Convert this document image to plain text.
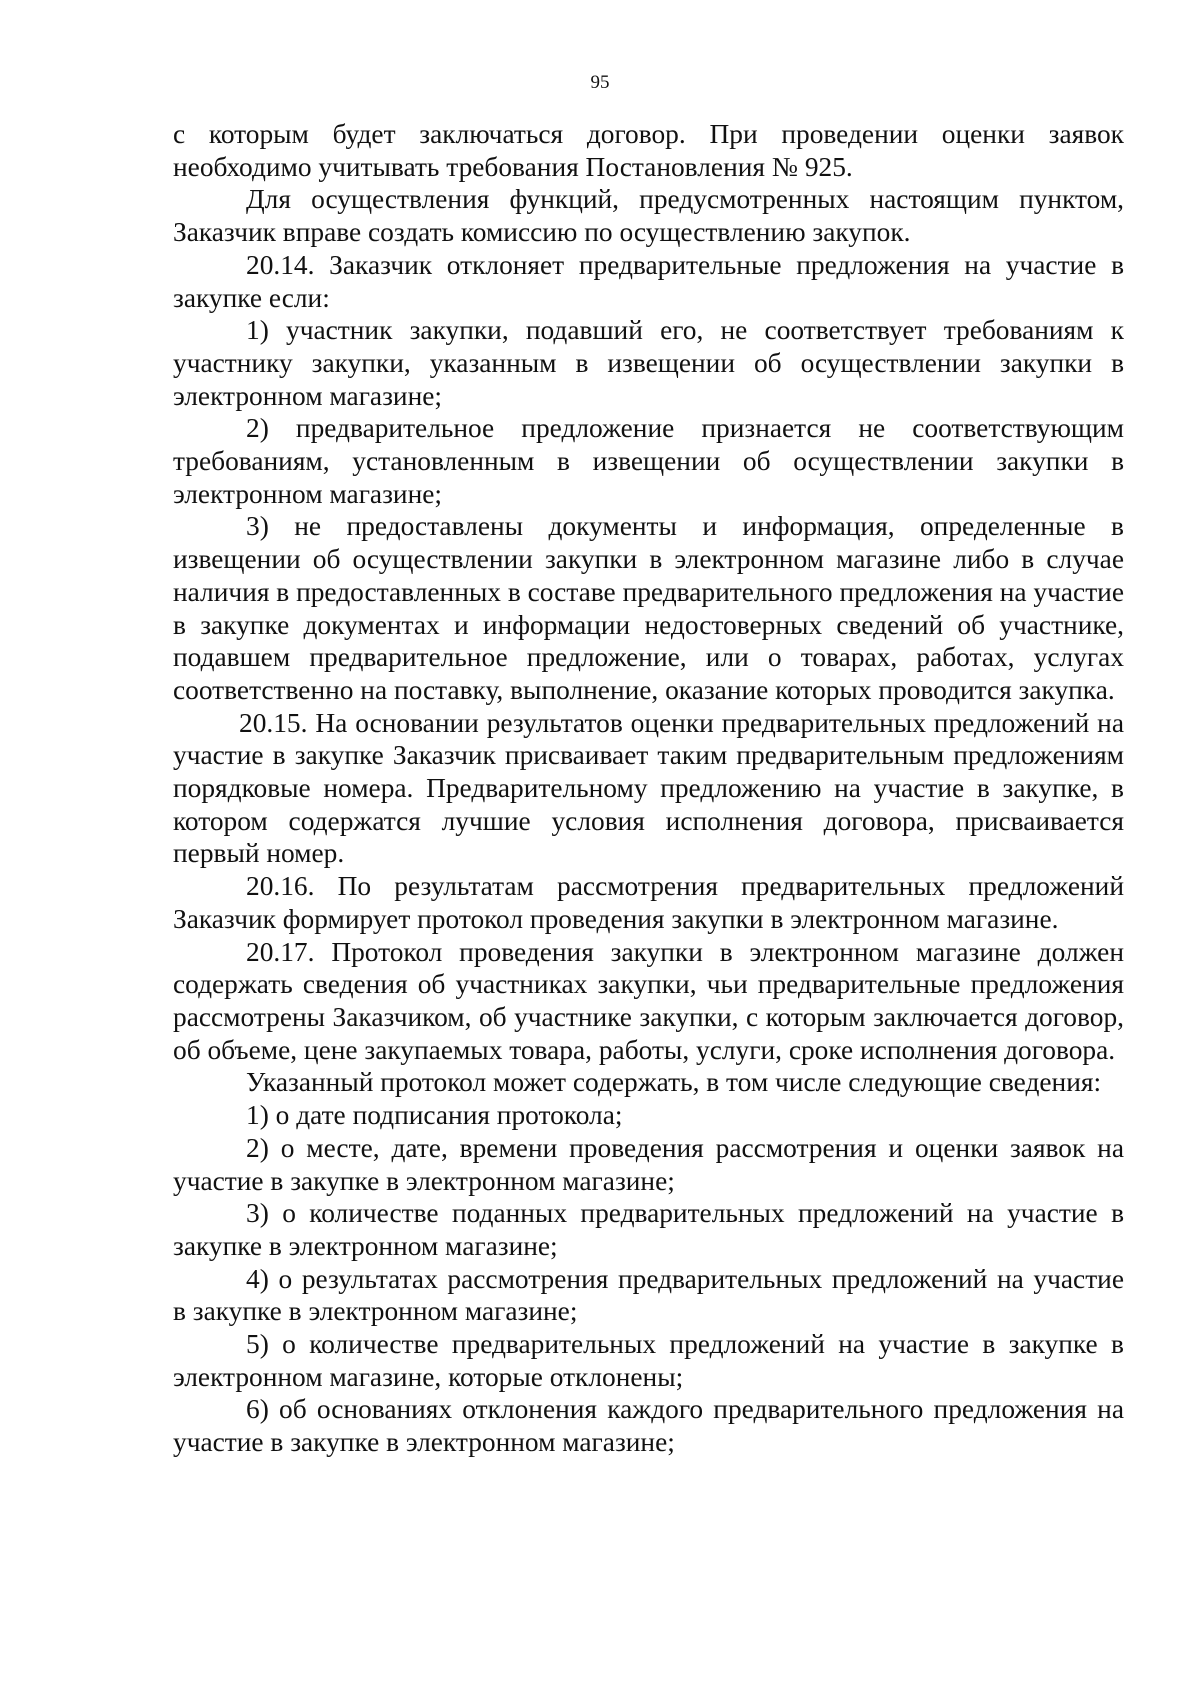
95

с которым будет заключаться договор. При проведении оценки заявок необходимо учитывать требования Постановления № 925.

Для осуществления функций, предусмотренных настоящим пунктом, Заказчик вправе создать комиссию по осуществлению закупок.

20.14. Заказчик отклоняет предварительные предложения на участие в закупке если:

1) участник закупки, подавший его, не соответствует требованиям к участнику закупки, указанным в извещении об осуществлении закупки в электронном магазине;

2) предварительное предложение признается не соответствующим требованиям, установленным в извещении об осуществлении закупки в электронном магазине;

3) не предоставлены документы и информация, определенные в извещении об осуществлении закупки в электронном магазине либо в случае наличия в предоставленных в составе предварительного предложения на участие в закупке документах и информации недостоверных сведений об участнике, подавшем предварительное предложение, или о товарах, работах, услугах соответственно на поставку, выполнение, оказание которых проводится закупка.

20.15. На основании результатов оценки предварительных предложений на участие в закупке Заказчик присваивает таким предварительным предложениям порядковые номера. Предварительному предложению на участие в закупке, в котором содержатся лучшие условия исполнения договора, присваивается первый номер.

20.16. По результатам рассмотрения предварительных предложений Заказчик формирует протокол проведения закупки в электронном магазине.

20.17. Протокол проведения закупки в электронном магазине должен содержать сведения об участниках закупки, чьи предварительные предложения рассмотрены Заказчиком, об участнике закупки, с которым заключается договор, об объеме, цене закупаемых товара, работы, услуги, сроке исполнения договора.

Указанный протокол может содержать, в том числе следующие сведения:

1) о дате подписания протокола;

2) о месте, дате, времени проведения рассмотрения и оценки заявок на участие в закупке в электронном магазине;

3) о количестве поданных предварительных предложений на участие в закупке в электронном магазине;

4) о результатах рассмотрения предварительных предложений на участие в закупке в электронном магазине;

5) о количестве предварительных предложений на участие в закупке в электронном магазине, которые отклонены;

6) об основаниях отклонения каждого предварительного предложения на участие в закупке в электронном магазине;
